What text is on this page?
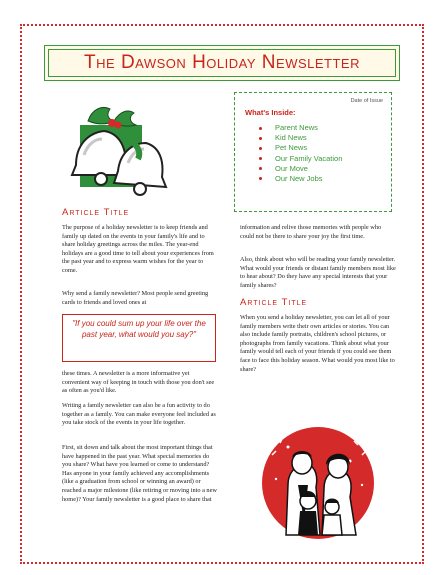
The Dawson Holiday Newsletter
Date of Issue
What's Inside:
Parent News
Kid News
Pet News
Our Family Vacation
Our Move
Our New Jobs
Article Title

The purpose of a holiday newsletter is to keep friends and family up dated on the events in your family's life and to share holiday greetings across the miles. The year-end holidays are a good time to tell about your experiences from the past year and to express warm wishes for the year to come.

Why send a family newsletter? Most people send greeting cards to friends and loved ones at

"If you could sum up your life over the past year, what would you say?"

these times. A newsletter is a more informative yet convenient way of keeping in touch with those you don't see as often as you'd like.

Writing a family newsletter can also be a fun activity to do together as a family. You can make everyone feel included as you take stock of the events in your life together.

First, sit down and talk about the most important things that have happened in the past year. What special memories do you share? What have you learned or come to understand? Has anyone in your family achieved any accomplishments (like a graduation from school or winning an award) or reached a major milestone (like retiring or moving into a new home)? Your family newsletter is a good place to share that

information and relive those memories with people who could not be there to share your joy the first time.

Also, think about who will be reading your family newsletter. What would your friends or distant family members most like to hear about? Do they have any special interests that your family shares?

Article Title

When you send a holiday newsletter, you can let all of your family members write their own articles or stories. You can also include family portraits, children's school pictures, or photographs from family vacations. Think about what your family would tell each of your friends if you could see them face to face this holiday season. What would you most like to share?
